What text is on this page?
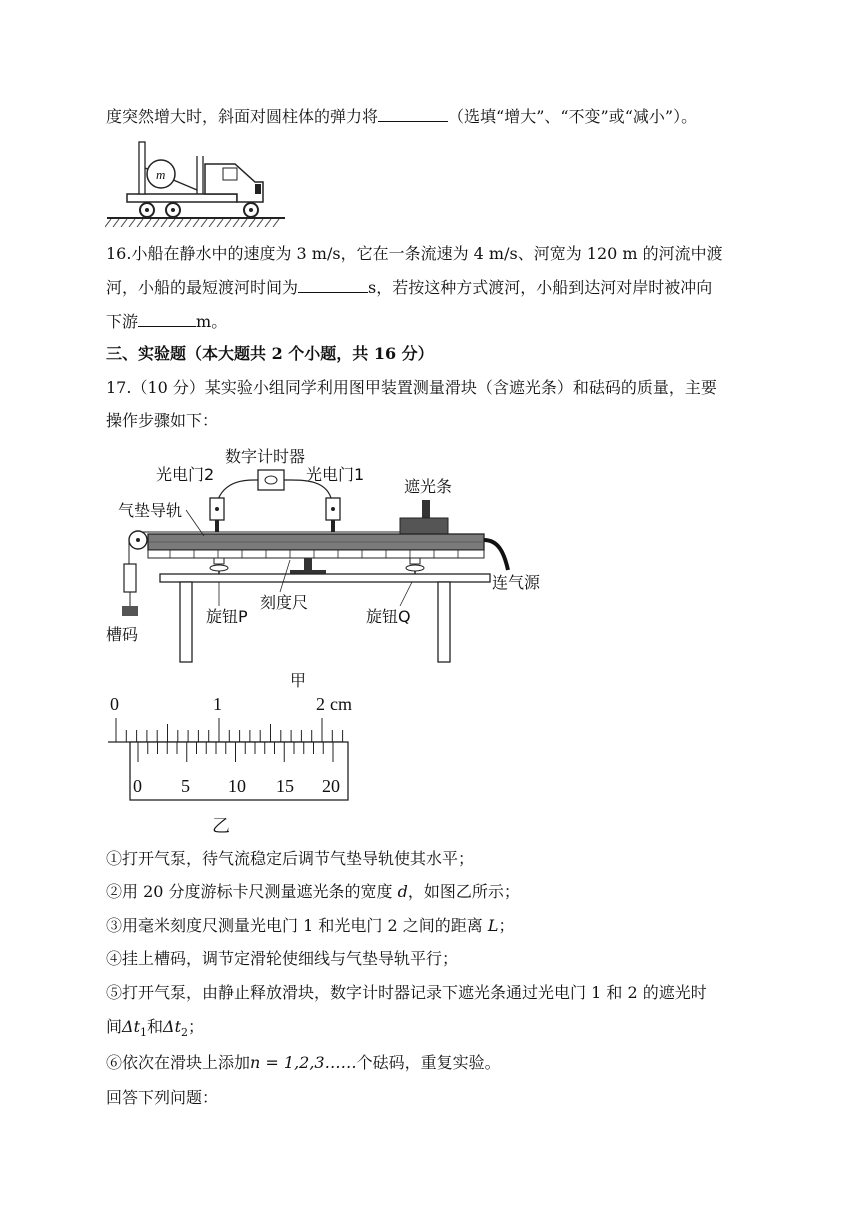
度突然增大时，斜面对圆柱体的弹力将	（选填“增大”、“不变”或“减小”）。
m
16.小船在静水中的速度为 3 m/s，它在一条流速为 4 m/s、河宽为 120 m 的河流中渡
河，小船的最短渡河时间为	s，若按这种方式渡河，小船到达河对岸时被冲向
下游	m。
三、实验题（本大题共 2 个小题，共 16 分）
17.（10 分）某实验小组同学利用图甲装置测量滑块（含遮光条）和砝码的质量，主要
操作步骤如下：
数字计时器
光电门2	光电门1
遮光条
气垫导轨
连气源
刻度尺
旋钮P	旋钮Q
槽码
甲
0	1	2 cm
0 5 10 15 20
乙
①打开气泵，待气流稳定后调节气垫导轨使其水平；
②用 20 分度游标卡尺测量遮光条的宽度 d，如图乙所示；
③用毫米刻度尺测量光电门 1 和光电门 2 之间的距离 L；
④挂上槽码，调节定滑轮使细线与气垫导轨平行；
⑤打开气泵，由静止释放滑块，数字计时器记录下遮光条通过光电门 1 和 2 的遮光时
间$\Delta t_1$和$\Delta t_2$；
⑥依次在滑块上添加n = 1,2,3……个砝码，重复实验。
回答下列问题：
